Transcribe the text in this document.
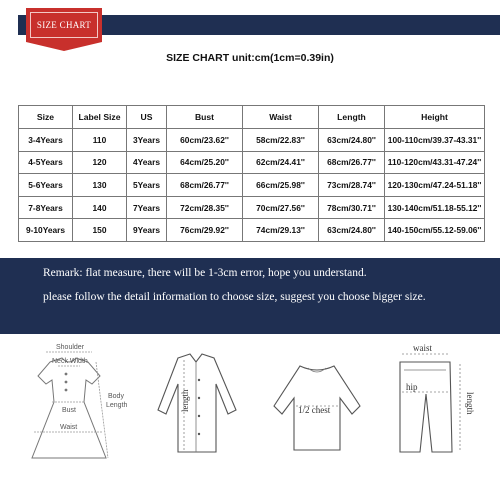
SIZE CHART
SIZE CHART unit:cm(1cm=0.39in)
Size	Label Size	US	Bust	Waist	Length	Height
3-4Years	110	3Years	60cm/23.62''	58cm/22.83''	63cm/24.80''	100-110cm/39.37-43.31''
4-5Years	120	4Years	64cm/25.20''	62cm/24.41''	68cm/26.77''	110-120cm/43.31-47.24''
5-6Years	130	5Years	68cm/26.77''	66cm/25.98''	73cm/28.74''	120-130cm/47.24-51.18''
7-8Years	140	7Years	72cm/28.35''	70cm/27.56''	78cm/30.71''	130-140cm/51.18-55.12''
9-10Years	150	9Years	76cm/29.92''	74cm/29.13''	63cm/24.80''	140-150cm/55.12-59.06''
Remark: flat measure, there will be 1-3cm error, hope you understand.
please follow the detail information to choose size, suggest you choose bigger size.
Shoulder
Neck Width
Bust
Waist
Body
Length	length	1/2 chest
waist
hip
length
